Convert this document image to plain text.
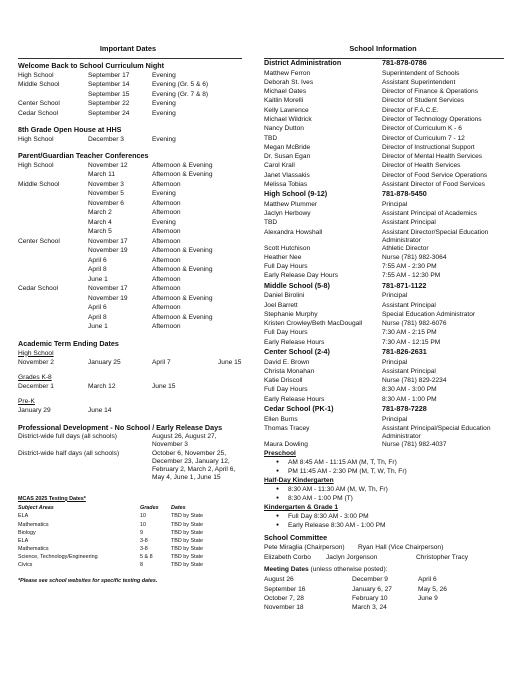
Important Dates
Welcome Back to School Curriculum Night
High School	September 17	Evening
Middle School	September 14	Evening (Gr. 5 & 6)
September 15	Evening (Gr. 7 & 8)
Center School	September 22	Evening
Cedar School	September 24	Evening
8th Grade Open House at HHS
High School	December 3	Evening
Parent/Guardian Teacher Conferences
High School	November 12	Afternoon & Evening
March 11	Afternoon & Evening
Middle School	November 3	Afternoon
November 5	Evening
November 6	Afternoon
March 2	Afternoon
March 4	Evening
March 5	Afternoon
Center School	November 17	Afternoon
November 19	Afternoon & Evening
April 6	Afternoon
April 8	Afternoon & Evening
June 1	Afternoon
Cedar School	November 17	Afternoon
November 19	Afternoon & Evening
April 6	Afternoon
April 8	Afternoon & Evening
June 1	Afternoon
Academic Term Ending Dates
High School
November 2	January 25	April 7	June 15
Grades K-8
December 1	March 12	June 15
Pre-K
January 29	June 14
Professional Development - No School / Early Release Days
District-wide full days (all schools)	August 26, August 27, November 3
District-wide half days (all schools)	October 6, November 25, December 23, January 12, February 2, March 2, April 6, May 4, June 1, June 15
MCAS 2025 Testing Dates*
Subject Areas	Grades	Dates
ELA	10	TBD by State
Mathematics	10	TBD by State
Biology	9	TBD by State
ELA	3-8	TBD by State
Mathematics	3-8	TBD by State
Science, Technology/Engineering	5 & 8	TBD by State
Civics	8	TBD by State
*Please see school websites for specific testing dates.
School Information
District Administration	781-878-0786
Matthew Ferron	Superintendent of Schools
Deborah St. Ives	Assistant Superintendent
Michael Oates	Director of Finance & Operations
Kaitlin Morelli	Director of Student Services
Kelly Lawrence	Director of F.A.C.E.
Michael Wildrick	Director of Technology Operations
Nancy Dutton	Director of Curriculum K - 6
TBD	Director of Curriculum 7 - 12
Megan McBride	Director of Instructional Support
Dr. Susan Egan	Director of Mental Health Services
Carol Krall	Director of Health Services
Janet Vlassakis	Director of Food Service Operations
Melissa Tobias	Assistant Director of Food Services
High School (9-12)	781-878-5450
Matthew Plummer	Principal
Jaclyn Herbowy	Assistant Principal of Academics
TBD	Assistant Principal
Alexandra Howshall	Assistant Director/Special Education Administrator
Scott Hutchison	Athletic Director
Heather Nee	Nurse (781) 982-3064
Full Day Hours	7:55 AM - 2:30 PM
Early Release Day Hours	7:55 AM - 12:30 PM
Middle School (5-8)	781-871-1122
Daniel Birolini	Principal
Joel Barrett	Assistant Principal
Stephanie Murphy	Special Education Administrator
Kristen Crowley/Beth MacDougall	Nurse (781) 982-6076
Full Day Hours	7:30 AM - 2:15 PM
Early Release Hours	7:30 AM - 12:15 PM
Center School (2-4)	781-826-2631
David E. Brown	Principal
Christa Monahan	Assistant Principal
Katie Driscoll	Nurse (781) 829-2234
Full Day Hours	8:30 AM - 3:00 PM
Early Release Hours	8:30 AM - 1:00 PM
Cedar School (PK-1)	781-878-7228
Ellen Burns	Principal
Thomas Tracey	Assistant Principal/Special Education Administrator
Maura Dowling	Nurse (781) 982-4037
Preschool
● AM 8:45 AM - 11:15 AM (M, T, Th, Fr)
● PM 11:45 AM - 2:30 PM (M, T, W, Th, Fr)
Half-Day Kindergarten
● 8:30 AM - 11:30 AM (M, W, Th, Fr)
● 8:30 AM - 1:00 PM (T)
Kindergarten & Grade 1
● Full Day 8:30 AM - 3:00 PM
● Early Release 8:30 AM - 1:00 PM
School Committee
Pete Miraglia (Chairperson)	Ryan Hall (Vice Chairperson)
Elizabeth Corbo	Jaclyn Jorgenson	Christopher Tracy
Meeting Dates (unless otherwise posted):
August 26	December 9	April 6
September 16	January 6, 27	May 5, 26
October 7, 28	February 10	June 9
November 18	March 3, 24
